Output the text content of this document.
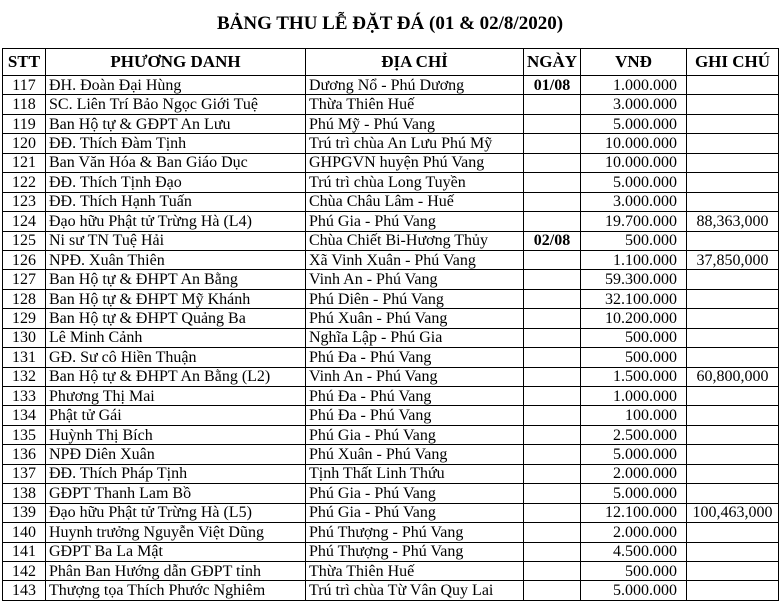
BẢNG THU LỄ ĐẶT ĐÁ (01 & 02/8/2020)
STT	PHƯƠNG DANH	ĐỊA CHỈ	NGÀY	VNĐ	GHI CHÚ
117	ĐH. Đoàn Đại Hùng	Dương Nổ - Phú Dương	01/08	1.000.000	
118	SC. Liên Trí Bảo Ngọc Giới Tuệ	Thừa Thiên Huế		3.000.000	
119	Ban Hộ tự & GĐPT An Lưu	Phú Mỹ - Phú Vang		5.000.000	
120	ĐĐ. Thích Đàm Tịnh	Trú trì chùa An Lưu Phú Mỹ		10.000.000	
121	Ban Văn Hóa & Ban Giáo Dục	GHPGVN huyện Phú Vang		10.000.000	
122	ĐĐ. Thích Tịnh Đạo	Trú trì chùa Long Tuyền		5.000.000	
123	ĐĐ. Thích Hạnh Tuấn	Chùa Châu Lâm - Huế		3.000.000	
124	Đạo hữu Phật tử Trừng Hà (L4)	Phú Gia - Phú Vang		19.700.000	88,363,000
125	Ni sư TN Tuệ Hải	Chùa Chiết Bi-Hương Thủy	02/08	500.000	
126	NPĐ. Xuân Thiên	Xã Vinh Xuân - Phú Vang		1.100.000	37,850,000
127	Ban Hộ tự & ĐHPT An Bằng	Vinh An - Phú Vang		59.300.000	
128	Ban Hộ tự & ĐHPT Mỹ Khánh	Phú Diên - Phú Vang		32.100.000	
129	Ban Hộ tự & ĐHPT Quảng Ba	Phú Xuân - Phú Vang		10.200.000	
130	Lê Minh Cảnh	Nghĩa Lập - Phú Gia		500.000	
131	GĐ. Sư cô Hiền Thuận	Phú Đa - Phú Vang		500.000	
132	Ban Hộ tự & ĐHPT An Bằng (L2)	Vinh An - Phú Vang		1.500.000	60,800,000
133	Phương Thị Mai	Phú Đa - Phú Vang		1.000.000	
134	Phật tử Gái	Phú Đa - Phú Vang		100.000	
135	Huỳnh Thị Bích	Phú Gia - Phú Vang		2.500.000	
136	NPĐ Diên Xuân	Phú Xuân - Phú Vang		5.000.000	
137	ĐĐ. Thích Pháp Tịnh	Tịnh Thất Linh Thứu		2.000.000	
138	GĐPT Thanh Lam Bồ	Phú Gia - Phú Vang		5.000.000	
139	Đạo hữu Phật tử Trừng Hà (L5)	Phú Gia - Phú Vang		12.100.000	100,463,000
140	Huynh trưởng Nguyễn Việt Dũng	Phú Thượng - Phú Vang		2.000.000	
141	GĐPT Ba La Mật	Phú Thượng - Phú Vang		4.500.000	
142	Phân Ban Hướng dẫn GĐPT tỉnh	Thừa Thiên Huế		500.000	
143	Thượng tọa Thích Phước Nghiêm	Trú trì chùa Từ Vân Quy Lai		5.000.000	
